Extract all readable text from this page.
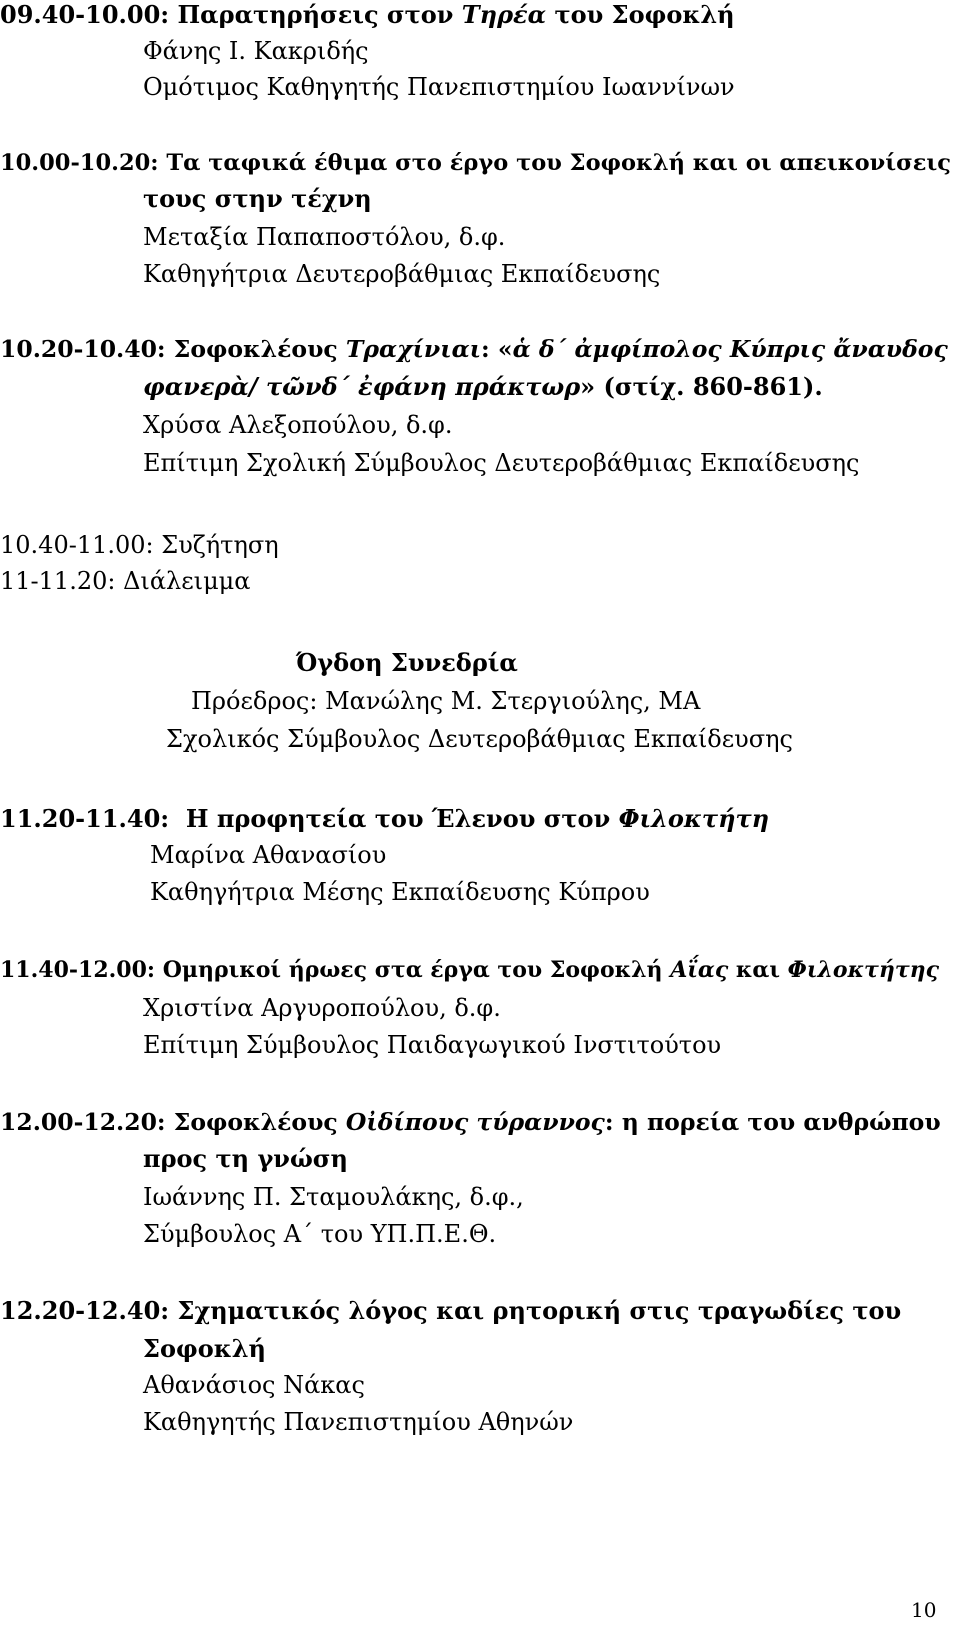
09.40-10.00: Παρατηρήσεις στον Τηρέα του Σοφοκλή
Φάνης Ι. Κακριδής
Ομότιμος Καθηγητής Πανεπιστημίου Ιωαννίνων
10.00-10.20: Τα ταφικά έθιμα στο έργο του Σοφοκλή και οι απεικονίσεις
τους στην τέχνη
Μεταξία Παπαποστόλου, δ.φ.
Καθηγήτρια Δευτεροβάθμιας Εκπαίδευσης
10.20-10.40: Σοφοκλέους Τραχίνιαι: «ἁ δ΄ ἀμφίπολος Κύπρις ἄναυδος
φανερὰ/ τῶνδ΄ ἐφάνη πράκτωρ» (στίχ. 860-861).
Χρύσα Αλεξοπούλου, δ.φ.
Επίτιμη Σχολική Σύμβουλος Δευτεροβάθμιας Εκπαίδευσης
10.40-11.00: Συζήτηση
11-11.20: Διάλειμμα
Όγδοη Συνεδρία
Πρόεδρος: Μανώλης Μ. Στεργιούλης, ΜΑ
Σχολικός Σύμβουλος Δευτεροβάθμιας Εκπαίδευσης
11.20-11.40:  Η προφητεία του Έλενου στον Φιλοκτήτη
Μαρίνα Αθανασίου
Καθηγήτρια Μέσης Εκπαίδευσης Κύπρου
11.40-12.00: Ομηρικοί ήρωες στα έργα του Σοφοκλή Αΐας και Φιλοκτήτης
Χριστίνα Αργυροπούλου, δ.φ.
Επίτιμη Σύμβουλος Παιδαγωγικού Ινστιτούτου
12.00-12.20: Σοφοκλέους Οἰδίπους τύραννος: η πορεία του ανθρώπου
προς τη γνώση
Ιωάννης Π. Σταμουλάκης, δ.φ.,
Σύμβουλος Α΄ του ΥΠ.Π.Ε.Θ.
12.20-12.40: Σχηματικός λόγος και ρητορική στις τραγωδίες του
Σοφοκλή
Αθανάσιος Νάκας
Καθηγητής Πανεπιστημίου Αθηνών
10
